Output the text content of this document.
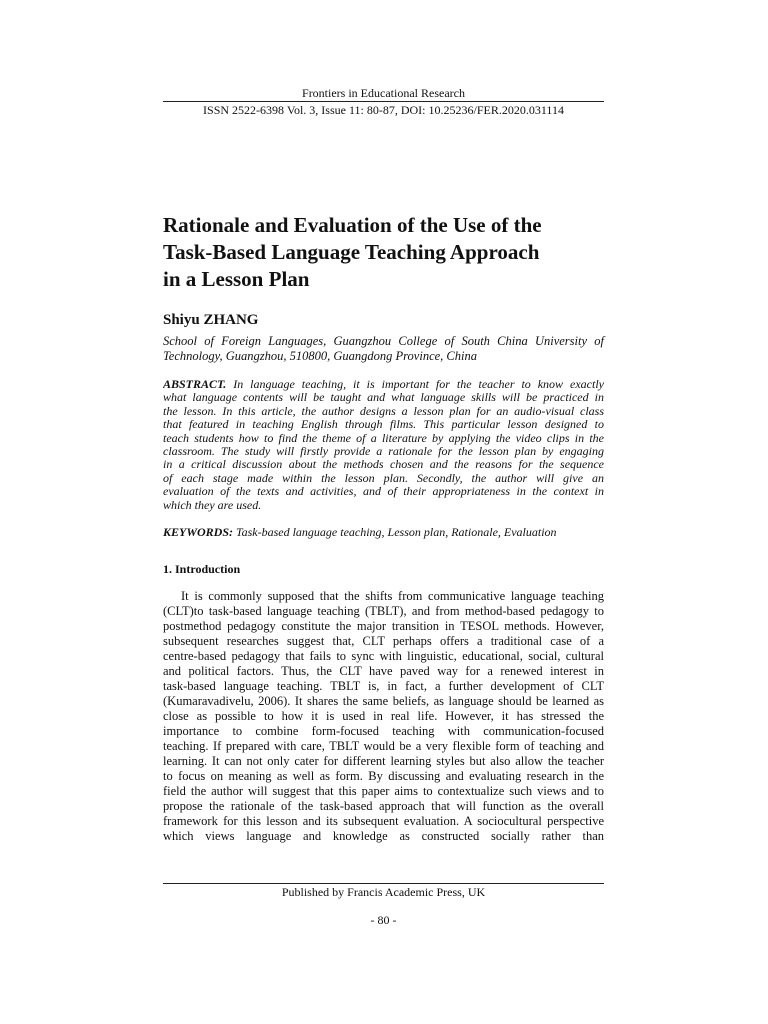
Frontiers in Educational Research
ISSN 2522-6398 Vol. 3, Issue 11: 80-87, DOI: 10.25236/FER.2020.031114
Rationale and Evaluation of the Use of the
Task-Based Language Teaching Approach
in a Lesson Plan

Shiyu ZHANG

School of Foreign Languages, Guangzhou College of South China University of
Technology, Guangzhou, 510800, Guangdong Province, China
ABSTRACT. In language teaching, it is important for the teacher to know exactly
what language contents will be taught and what language skills will be practiced in
the lesson. In this article, the author designs a lesson plan for an audio-visual class
that featured in teaching English through films. This particular lesson designed to
teach students how to find the theme of a literature by applying the video clips in the
classroom. The study will firstly provide a rationale for the lesson plan by engaging
in a critical discussion about the methods chosen and the reasons for the sequence
of each stage made within the lesson plan. Secondly, the author will give an
evaluation of the texts and activities, and of their appropriateness in the context in
which they are used.
KEYWORDS: Task-based language teaching, Lesson plan, Rationale, Evaluation
1. Introduction
It is commonly supposed that the shifts from communicative language teaching
(CLT)to task-based language teaching (TBLT), and from method-based pedagogy to
postmethod pedagogy constitute the major transition in TESOL methods. However,
subsequent researches suggest that, CLT perhaps offers a traditional case of a
centre-based pedagogy that fails to sync with linguistic, educational, social, cultural
and political factors. Thus, the CLT have paved way for a renewed interest in
task-based language teaching. TBLT is, in fact, a further development of CLT
(Kumaravadivelu, 2006). It shares the same beliefs, as language should be learned as
close as possible to how it is used in real life. However, it has stressed the
importance to combine form-focused teaching with communication-focused
teaching. If prepared with care, TBLT would be a very flexible form of teaching and
learning. It can not only cater for different learning styles but also allow the teacher
to focus on meaning as well as form. By discussing and evaluating research in the
field the author will suggest that this paper aims to contextualize such views and to
propose the rationale of the task-based approach that will function as the overall
framework for this lesson and its subsequent evaluation. A sociocultural perspective
which views language and knowledge as constructed socially rather than
Published by Francis Academic Press, UK
- 80 -
